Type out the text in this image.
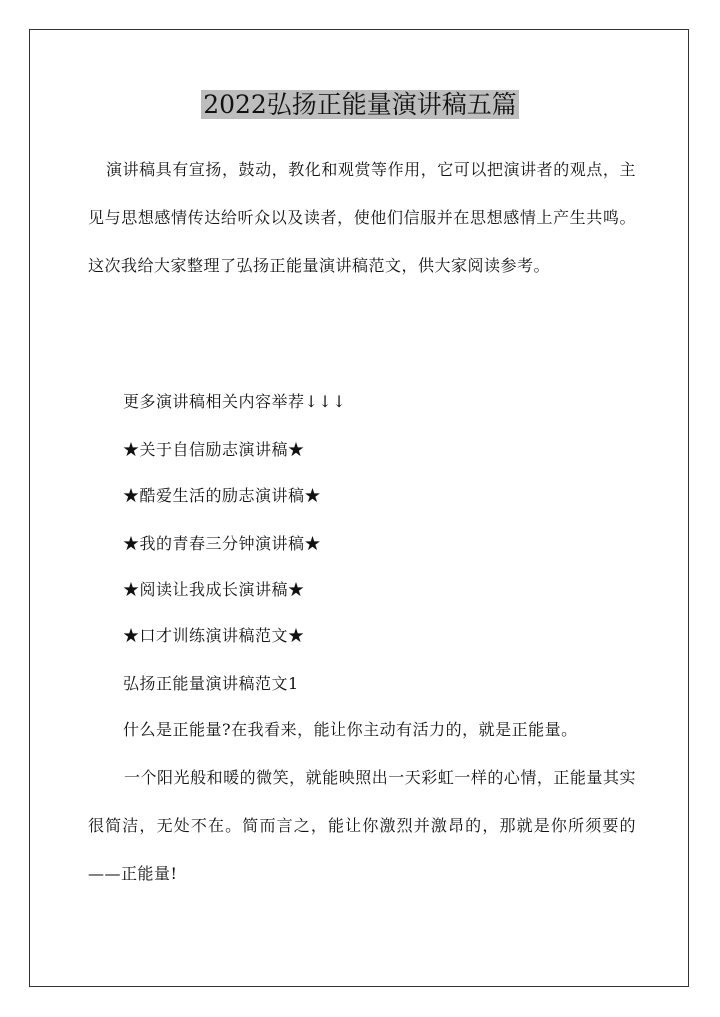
2022弘扬正能量演讲稿五篇

演讲稿具有宣扬，鼓动，教化和观赏等作用，它可以把演讲者的观点，主见与思想感情传达给听众以及读者，使他们信服并在思想感情上产生共鸣。这次我给大家整理了弘扬正能量演讲稿范文，供大家阅读参考。

更多演讲稿相关内容举荐↓↓↓
★关于自信励志演讲稿★
★酷爱生活的励志演讲稿★
★我的青春三分钟演讲稿★
★阅读让我成长演讲稿★
★口才训练演讲稿范文★
弘扬正能量演讲稿范文1
什么是正能量?在我看来，能让你主动有活力的，就是正能量。

一个阳光般和暖的微笑，就能映照出一天彩虹一样的心情，正能量其实很简洁，无处不在。简而言之，能让你激烈并激昂的，那就是你所须要的——正能量!
